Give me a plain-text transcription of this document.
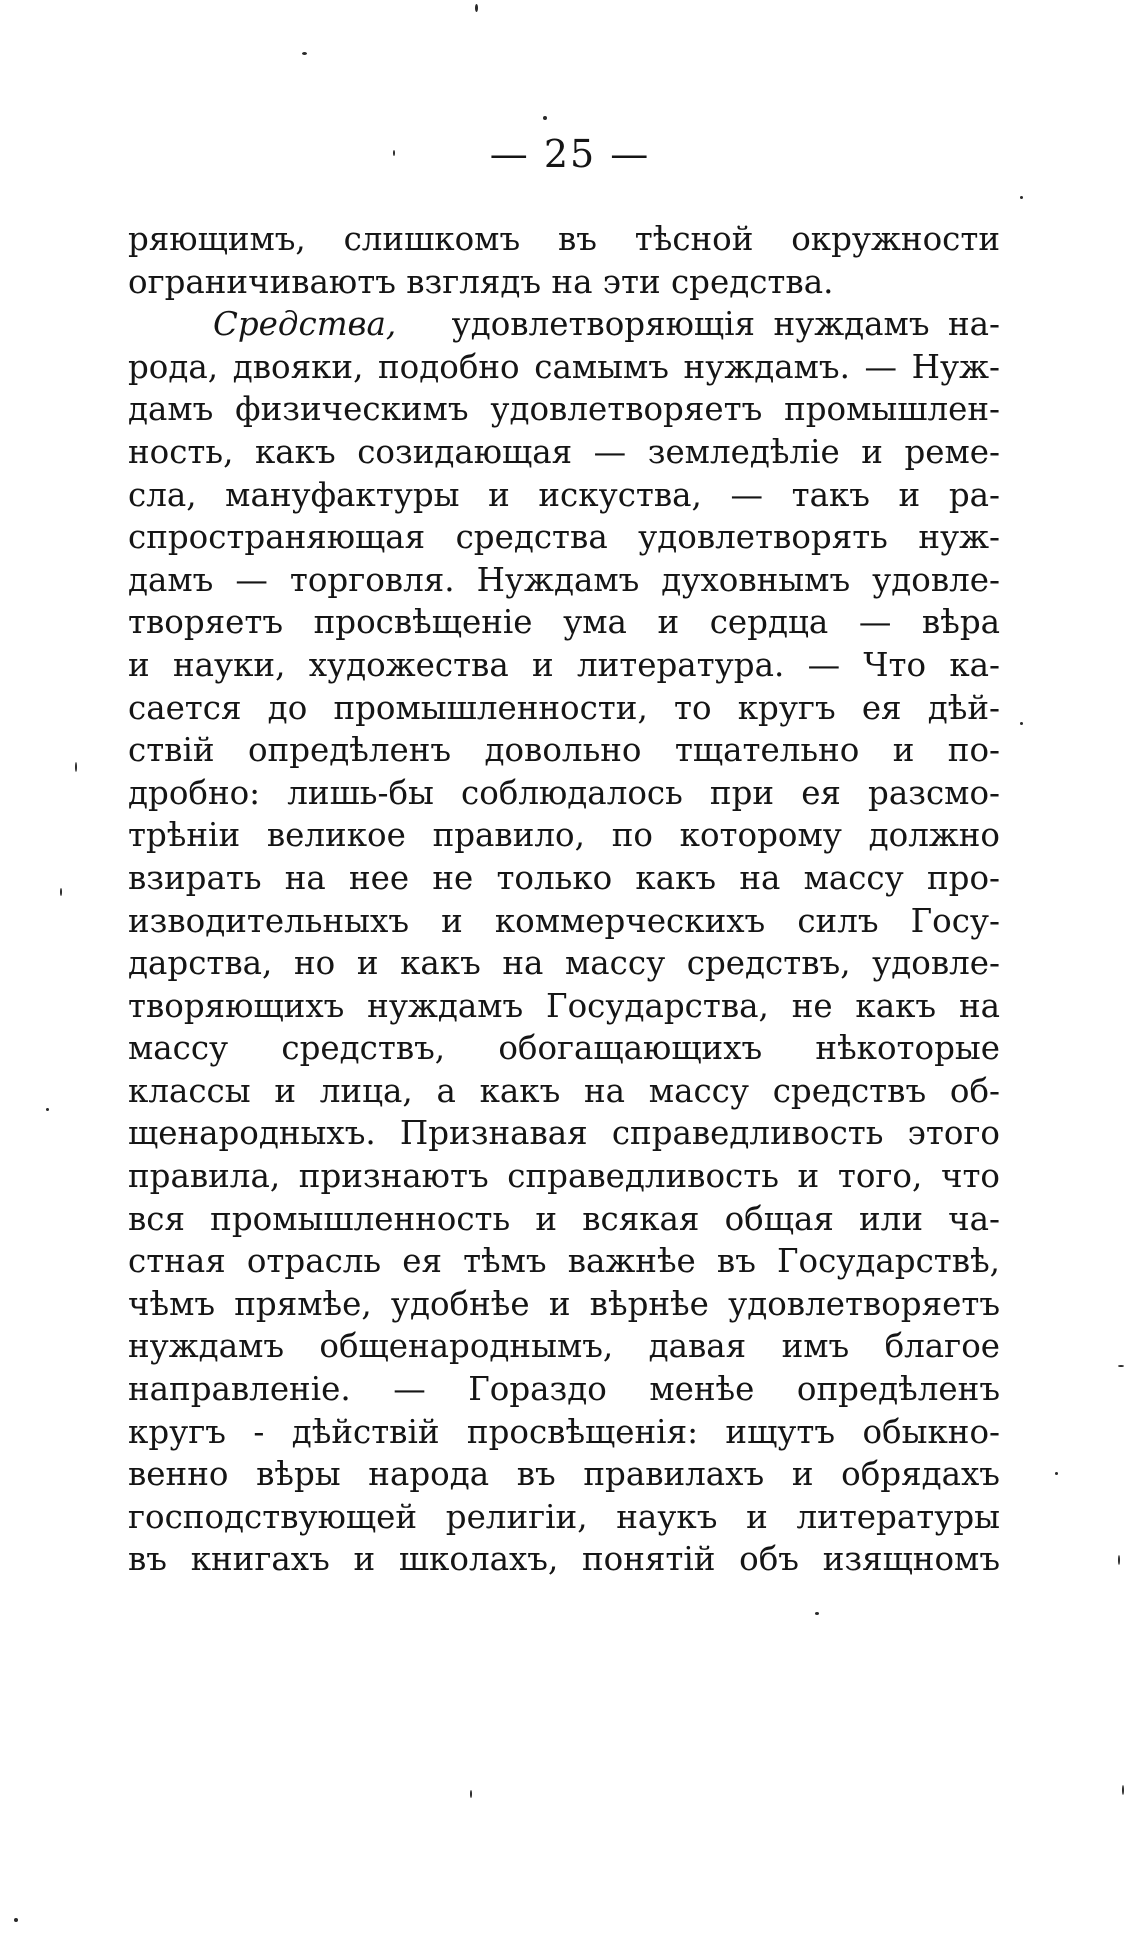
— 25 —
ряющимъ, слишкомъ въ тѣсной окружности
ограничиваютъ взглядъ на эти средства.
Средства, удовлетворяющія нуждамъ на-
рода, двояки, подобно самымъ нуждамъ. — Нуж-
дамъ физическимъ удовлетворяетъ промышлен-
ность, какъ созидающая — земледѣліе и реме-
сла, мануфактуры и искуства, — такъ и ра-
спространяющая средства удовлетворять нуж-
дамъ — торговля. Нуждамъ духовнымъ удовле-
творяетъ просвѣщеніе ума и сердца — вѣра
и науки, художества и литература. — Что ка-
сается до промышленности, то кругъ ея дѣй-
ствій опредѣленъ довольно тщательно и по-
дробно: лишь-бы соблюдалось при ея разсмо-
трѣніи великое правило, по которому должно
взирать на нее не только какъ на массу про-
изводительныхъ и коммерческихъ силъ Госу-
дарства, но и какъ на массу средствъ, удовле-
творяющихъ нуждамъ Государства, не какъ на
массу средствъ, обогащающихъ нѣкоторые
классы и лица, а какъ на массу средствъ об-
щенародныхъ. Признавая справедливость этого
правила, признаютъ справедливость и того, что
вся промышленность и всякая общая или ча-
стная отрасль ея тѣмъ важнѣе въ Государствѣ,
чѣмъ прямѣе, удобнѣе и вѣрнѣе удовлетворяетъ
нуждамъ общенароднымъ, давая имъ благое
направленіе. — Гораздо менѣе опредѣленъ
кругъ - дѣйствій просвѣщенія: ищутъ обыкно-
венно вѣры народа въ правилахъ и обрядахъ
господствующей религіи, наукъ и литературы
въ книгахъ и школахъ, понятій объ изящномъ
